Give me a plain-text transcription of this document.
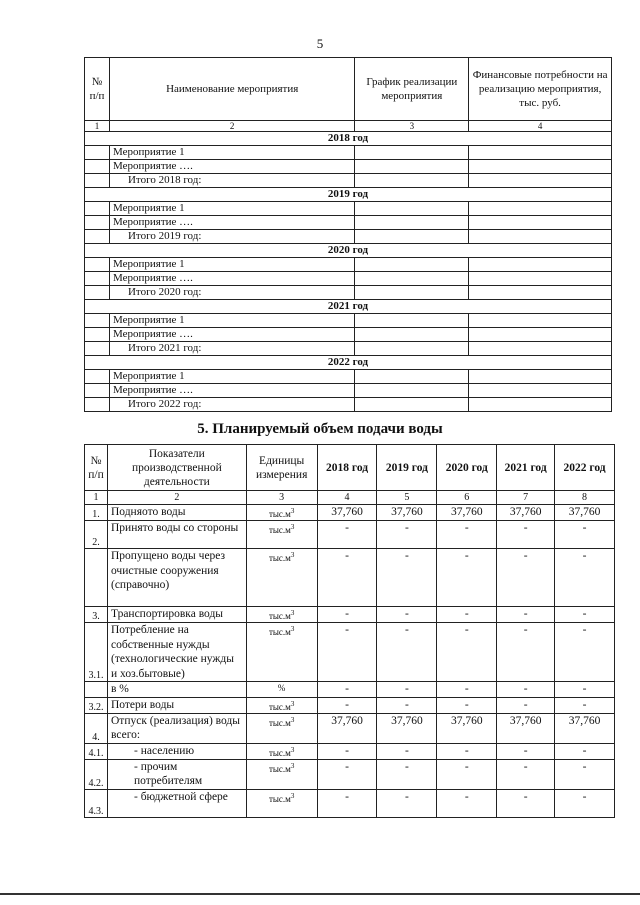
5
№ п/п	Наименование мероприятия	График реализации мероприятия	Финансовые потребности на реализацию мероприятия, тыс. руб.
1	2	3	4
2018 год			
	Мероприятие 1		
	Мероприятие ….		
	Итого 2018 год:		
2019 год			
	Мероприятие 1		
	Мероприятие ….		
	Итого 2019 год:		
2020 год			
	Мероприятие 1		
	Мероприятие ….		
	Итого 2020 год:		
2021 год			
	Мероприятие 1		
	Мероприятие ….		
	Итого 2021 год:		
2022 год			
	Мероприятие 1		
	Мероприятие ….		
	Итого 2022 год:		
5. Планируемый объем подачи воды
№ п/п	Показатели производственной деятельности	Единицы измерения	2018 год	2019 год	2020 год	2021 год	2022 год
1	2	3	4	5	6	7	8
1.	Подняото воды	$тыс.м^3$	37,760	37,760	37,760	37,760	37,760
2.	Принято воды со стороны	$тыс.м^3$	-	-	-	-	-
	Пропущено воды через очистные сооружения (справочно)	$тыс.м^3$	-	-	-	-	-
3.	Транспортировка воды	$тыс.м^3$	-	-	-	-	-
3.1.	Потребление на собственные нужды (технологические нужды и хоз.бытовые)	$тыс.м^3$	-	-	-	-	-
	в %	%	-	-	-	-	-
3.2.	Потери воды	$тыс.м^3$	-	-	-	-	-
4.	Отпуск (реализация) воды всего:	$тыс.м^3$	37,760	37,760	37,760	37,760	37,760
4.1.	- населению	$тыс.м^3$	-	-	-	-	-
4.2.	- прочим потребителям	$тыс.м^3$	-	-	-	-	-
4.3.	- бюджетной сфере	$тыс.м^3$	-	-	-	-	-
